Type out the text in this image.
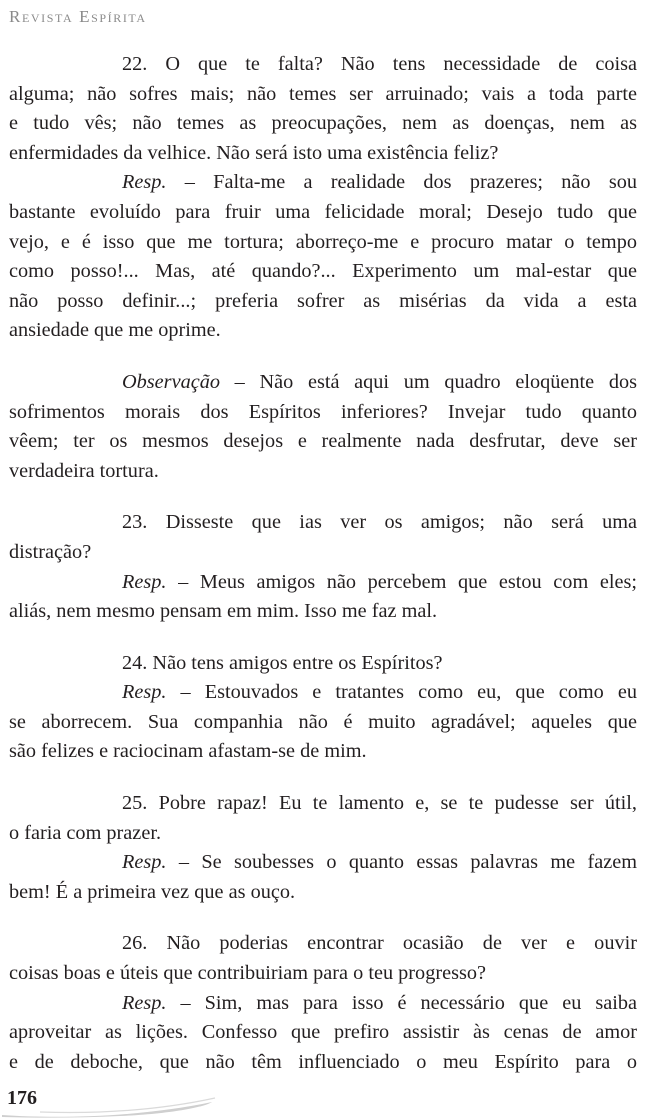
Revista Espírita
22. O que te falta? Não tens necessidade de coisa
alguma; não sofres mais; não temes ser arruinado; vais a toda parte
e tudo vês; não temes as preocupações, nem as doenças, nem as
enfermidades da velhice. Não será isto uma existência feliz?
Resp. – Falta-me a realidade dos prazeres; não sou
bastante evoluído para fruir uma felicidade moral; Desejo tudo que
vejo, e é isso que me tortura; aborreço-me e procuro matar o tempo
como posso!... Mas, até quando?... Experimento um mal-estar que
não posso definir...; preferia sofrer as misérias da vida a esta
ansiedade que me oprime.
Observação – Não está aqui um quadro eloqüente dos
sofrimentos morais dos Espíritos inferiores? Invejar tudo quanto
vêem; ter os mesmos desejos e realmente nada desfrutar, deve ser
verdadeira tortura.
23. Disseste que ias ver os amigos; não será uma
distração?
Resp. – Meus amigos não percebem que estou com eles;
aliás, nem mesmo pensam em mim. Isso me faz mal.
24. Não tens amigos entre os Espíritos?
Resp. – Estouvados e tratantes como eu, que como eu
se aborrecem. Sua companhia não é muito agradável; aqueles que
são felizes e raciocinam afastam-se de mim.
25. Pobre rapaz! Eu te lamento e, se te pudesse ser útil,
o faria com prazer.
Resp. – Se soubesses o quanto essas palavras me fazem
bem! É a primeira vez que as ouço.
26. Não poderias encontrar ocasião de ver e ouvir
coisas boas e úteis que contribuiriam para o teu progresso?
Resp. – Sim, mas para isso é necessário que eu saiba
aproveitar as lições. Confesso que prefiro assistir às cenas de amor
e de deboche, que não têm influenciado o meu Espírito para o
176
